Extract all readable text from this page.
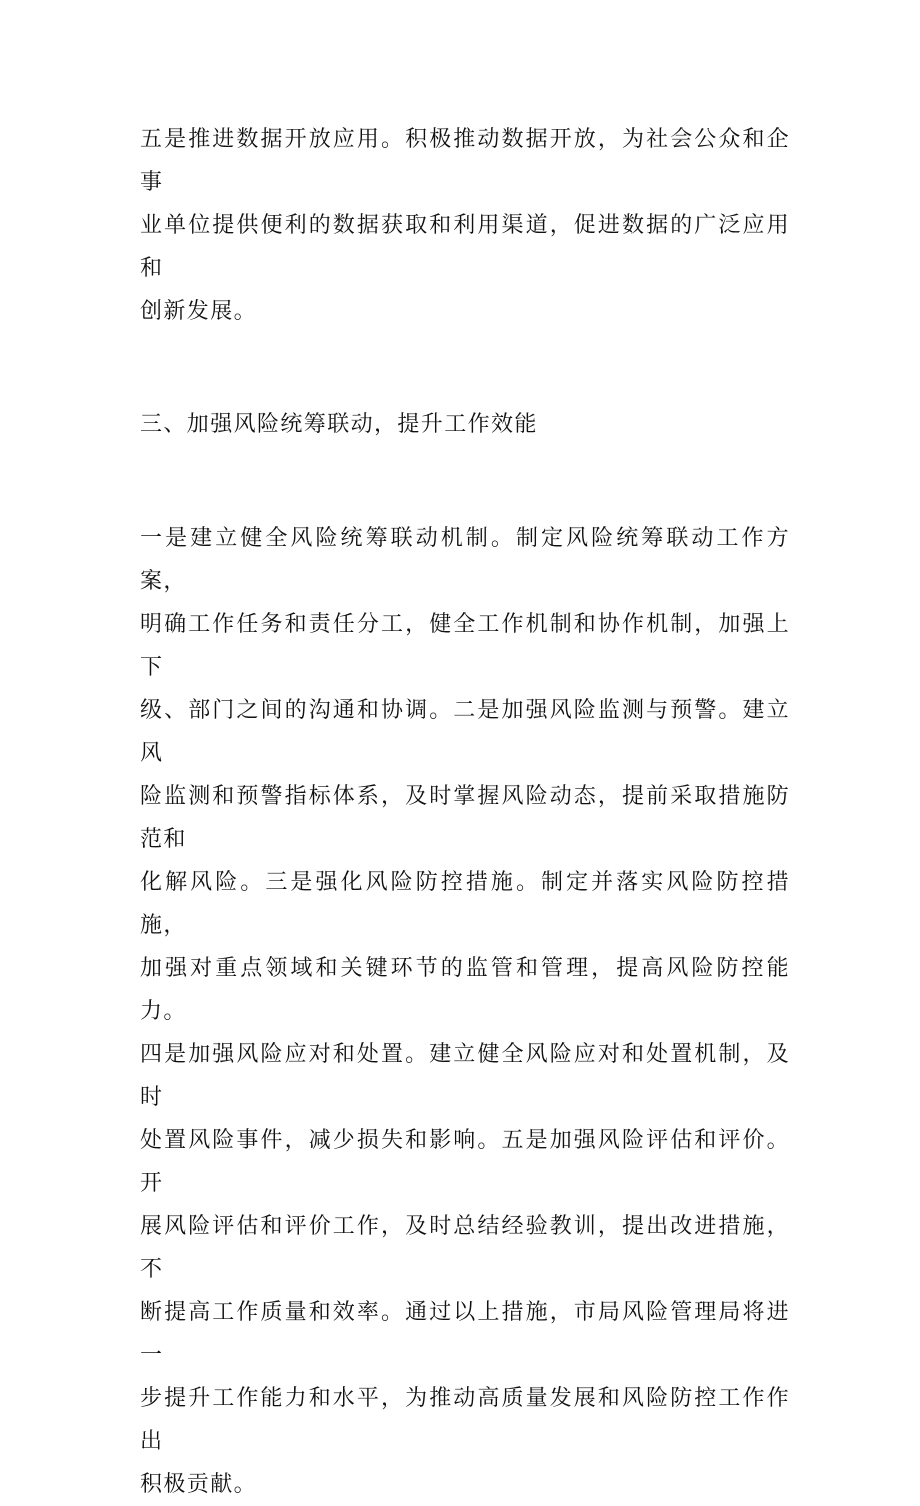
五是推进数据开放应用。积极推动数据开放，为社会公众和企事
业单位提供便利的数据获取和利用渠道，促进数据的广泛应用和
创新发展。

三、加强风险统筹联动，提升工作效能

一是建立健全风险统筹联动机制。制定风险统筹联动工作方案，
明确工作任务和责任分工，健全工作机制和协作机制，加强上下
级、部门之间的沟通和协调。二是加强风险监测与预警。建立风
险监测和预警指标体系，及时掌握风险动态，提前采取措施防范和
化解风险。三是强化风险防控措施。制定并落实风险防控措施，
加强对重点领域和关键环节的监管和管理，提高风险防控能力。
四是加强风险应对和处置。建立健全风险应对和处置机制，及时
处置风险事件，减少损失和影响。五是加强风险评估和评价。开
展风险评估和评价工作，及时总结经验教训，提出改进措施，不
断提高工作质量和效率。通过以上措施，市局风险管理局将进一
步提升工作能力和水平，为推动高质量发展和风险防控工作作出
积极贡献。
